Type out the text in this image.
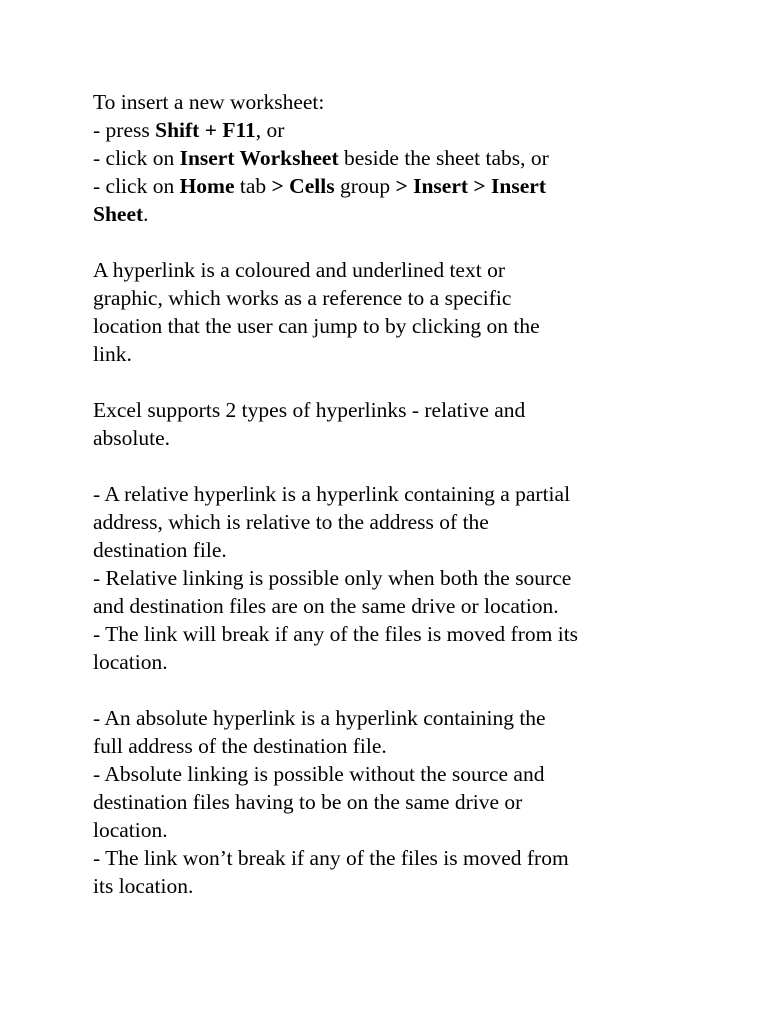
To insert a new worksheet:
- press Shift + F11, or
- click on Insert Worksheet beside the sheet tabs, or
- click on Home tab > Cells group > Insert > Insert
Sheet.
A hyperlink is a coloured and underlined text or
graphic, which works as a reference to a specific
location that the user can jump to by clicking on the
link.
Excel supports 2 types of hyperlinks - relative and
absolute.
- A relative hyperlink is a hyperlink containing a partial
address, which is relative to the address of the
destination file.
- Relative linking is possible only when both the source
and destination files are on the same drive or location.
- The link will break if any of the files is moved from its
location.
- An absolute hyperlink is a hyperlink containing the
full address of the destination file.
- Absolute linking is possible without the source and
destination files having to be on the same drive or
location.
- The link won’t break if any of the files is moved from
its location.
